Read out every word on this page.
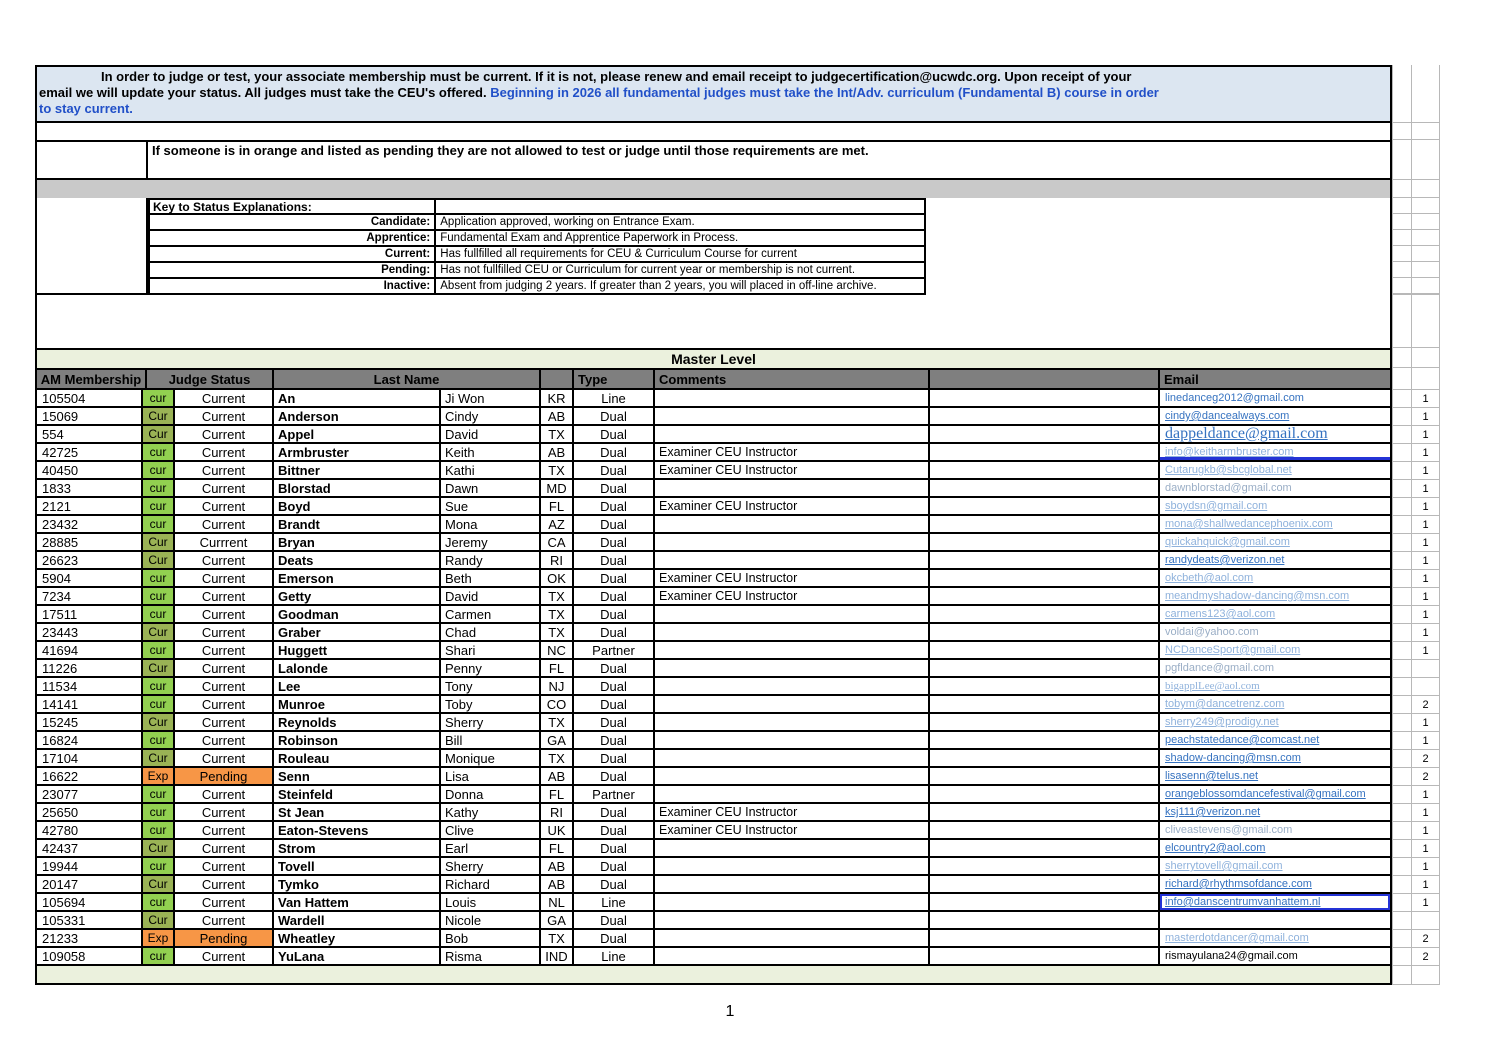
In order to judge or test, your associate membership must be current. If it is not, please renew and email receipt to judgecertification@ucwdc.org. Upon receipt of your email we will update your status. All judges must take the CEU's offered. Beginning in 2026 all fundamental judges must take the Int/Adv. curriculum (Fundamental B) course in order to stay current.
If someone is in orange and listed as pending they are not allowed to test or judge until those requirements are met.
Key to Status Explanations:
Candidate: Application approved, working on Entrance Exam.
Apprentice: Fundamental Exam and Apprentice Paperwork in Process.
Current: Has fullfilled all requirements for CEU & Curriculum Course for current
Pending: Has not fullfilled CEU or Curriculum for current year or membership is not current.
Inactive: Absent from judging 2 years. If greater than 2 years, you will placed in off-line archive.
Master Level
AM Membership	Judge Status	Last Name	Type	Comments	Email
105504	cur	Current	An	Ji Won	KR	Line	linedanceg2012@gmail.com	1
15069	Cur	Current	Anderson	Cindy	AB	Dual	cindy@dancealways.com	1
554	Cur	Current	Appel	David	TX	Dual	dappeldance@gmail.com	1
42725	cur	Current	Armbruster	Keith	AB	Dual	Examiner CEU Instructor	info@keitharmbruster.com	1
40450	cur	Current	Bittner	Kathi	TX	Dual	Examiner CEU Instructor	Cutarugkb@sbcglobal.net	1
1833	cur	Current	Blorstad	Dawn	MD	Dual	dawnblorstad@gmail.com	1
2121	cur	Current	Boyd	Sue	FL	Dual	Examiner CEU Instructor	sboydsn@gmail.com	1
23432	cur	Current	Brandt	Mona	AZ	Dual	mona@shallwedancephoenix.com	1
28885	Cur	Currrent	Bryan	Jeremy	CA	Dual	quickahquick@gmail.com	1
26623	Cur	Current	Deats	Randy	RI	Dual	randydeats@verizon.net	1
5904	cur	Current	Emerson	Beth	OK	Dual	Examiner CEU Instructor	okcbeth@aol.com	1
7234	cur	Current	Getty	David	TX	Dual	Examiner CEU Instructor	meandmyshadow-dancing@msn.com	1
17511	cur	Current	Goodman	Carmen	TX	Dual	carmens123@aol.com	1
23443	Cur	Current	Graber	Chad	TX	Dual	voldai@yahoo.com	1
41694	cur	Current	Huggett	Shari	NC	Partner	NCDanceSport@gmail.com	1
11226	Cur	Current	Lalonde	Penny	FL	Dual	pgfldance@gmail.com
11534	cur	Current	Lee	Tony	NJ	Dual	bigapplLee@aol.com
14141	cur	Current	Munroe	Toby	CO	Dual	tobym@dancetrenz.com	2
15245	Cur	Current	Reynolds	Sherry	TX	Dual	sherry249@prodigy.net	1
16824	cur	Current	Robinson	Bill	GA	Dual	peachstatedance@comcast.net	1
17104	Cur	Current	Rouleau	Monique	TX	Dual	shadow-dancing@msn.com	2
16622	Exp	Pending	Senn	Lisa	AB	Dual	lisasenn@telus.net	2
23077	cur	Current	Steinfeld	Donna	FL	Partner	orangeblossomdancefestival@gmail.com	1
25650	cur	Current	St Jean	Kathy	RI	Dual	Examiner CEU Instructor	ksj111@verizon.net	1
42780	cur	Current	Eaton-Stevens	Clive	UK	Dual	Examiner CEU Instructor	cliveastevens@gmail.com	1
42437	Cur	Current	Strom	Earl	FL	Dual	elcountry2@aol.com	1
19944	cur	Current	Tovell	Sherry	AB	Dual	sherrytovell@gmail.com	1
20147	Cur	Current	Tymko	Richard	AB	Dual	richard@rhythmsofdance.com	1
105694	cur	Current	Van Hattem	Louis	NL	Line	info@danscentrumvanhattem.nl	1
105331	Cur	Current	Wardell	Nicole	GA	Dual
21233	Exp	Pending	Wheatley	Bob	TX	Dual	masterdotdancer@gmail.com	2
109058	cur	Current	YuLana	Risma	IND	Line	rismayulana24@gmail.com	2
1
